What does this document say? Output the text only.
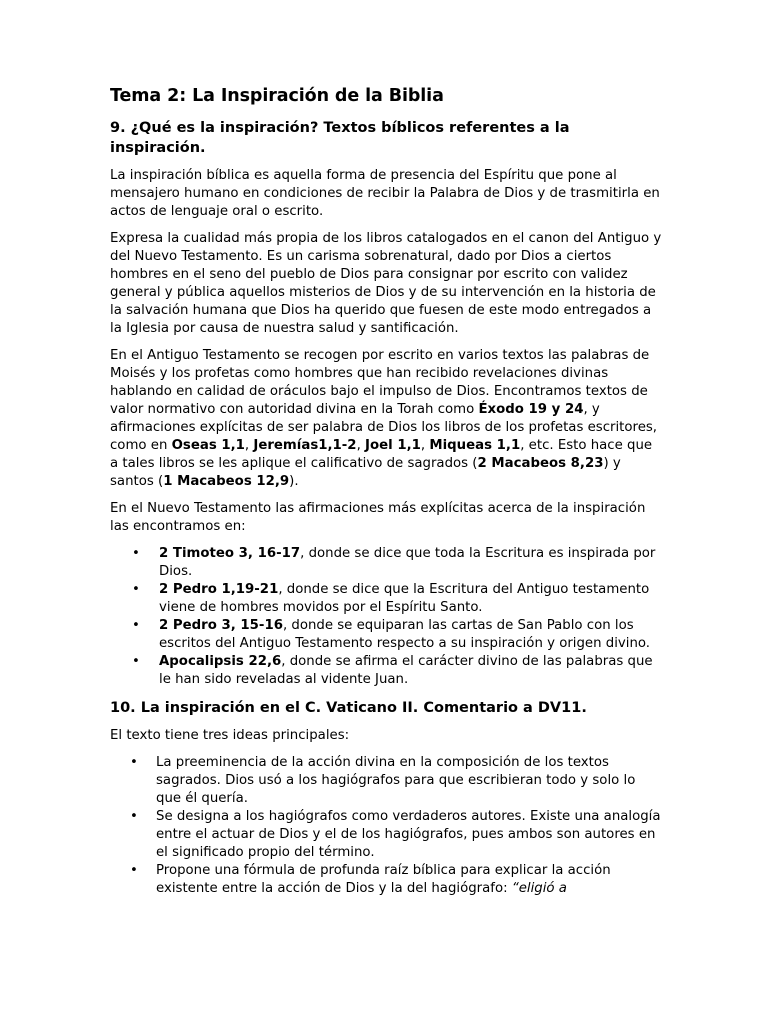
Tema 2: La Inspiración de la Biblia
9. ¿Qué es la inspiración? Textos bíblicos referentes a la inspiración.

La inspiración bíblica es aquella forma de presencia del Espíritu que pone al mensajero humano en condiciones de recibir la Palabra de Dios y de trasmitirla en actos de lenguaje oral o escrito.

Expresa la cualidad más propia de los libros catalogados en el canon del Antiguo y del Nuevo Testamento. Es un carisma sobrenatural, dado por Dios a ciertos hombres en el seno del pueblo de Dios para consignar por escrito con validez general y pública aquellos misterios de Dios y de su intervención en la historia de la salvación humana que Dios ha querido que fuesen de este modo entregados a la Iglesia por causa de nuestra salud y santificación.

En el Antiguo Testamento se recogen por escrito en varios textos las palabras de Moisés y los profetas como hombres que han recibido revelaciones divinas hablando en calidad de oráculos bajo el impulso de Dios. Encontramos textos de valor normativo con autoridad divina en la Torah como Éxodo 19 y 24, y afirmaciones explícitas de ser palabra de Dios los libros de los profetas escritores, como en Oseas 1,1, Jeremías1,1-2, Joel 1,1, Miqueas 1,1, etc. Esto hace que a tales libros se les aplique el calificativo de sagrados (2 Macabeos 8,23) y santos (1 Macabeos 12,9).

En el Nuevo Testamento las afirmaciones más explícitas acerca de la inspiración las encontramos en:

• 2 Timoteo 3, 16-17, donde se dice que toda la Escritura es inspirada por Dios.
• 2 Pedro 1,19-21, donde se dice que la Escritura del Antiguo testamento viene de hombres movidos por el Espíritu Santo.
• 2 Pedro 3, 15-16, donde se equiparan las cartas de San Pablo con los escritos del Antiguo Testamento respecto a su inspiración y origen divino.
• Apocalipsis 22,6, donde se afirma el carácter divino de las palabras que le han sido reveladas al vidente Juan.
10. La inspiración en el C. Vaticano II. Comentario a DV11.

El texto tiene tres ideas principales:

• La preeminencia de la acción divina en la composición de los textos sagrados. Dios usó a los hagiógrafos para que escribieran todo y solo lo que él quería.
• Se designa a los hagiógrafos como verdaderos autores. Existe una analogía entre el actuar de Dios y el de los hagiógrafos, pues ambos son autores en el significado propio del término.
• Propone una fórmula de profunda raíz bíblica para explicar la acción existente entre la acción de Dios y la del hagiógrafo: “eligió a
